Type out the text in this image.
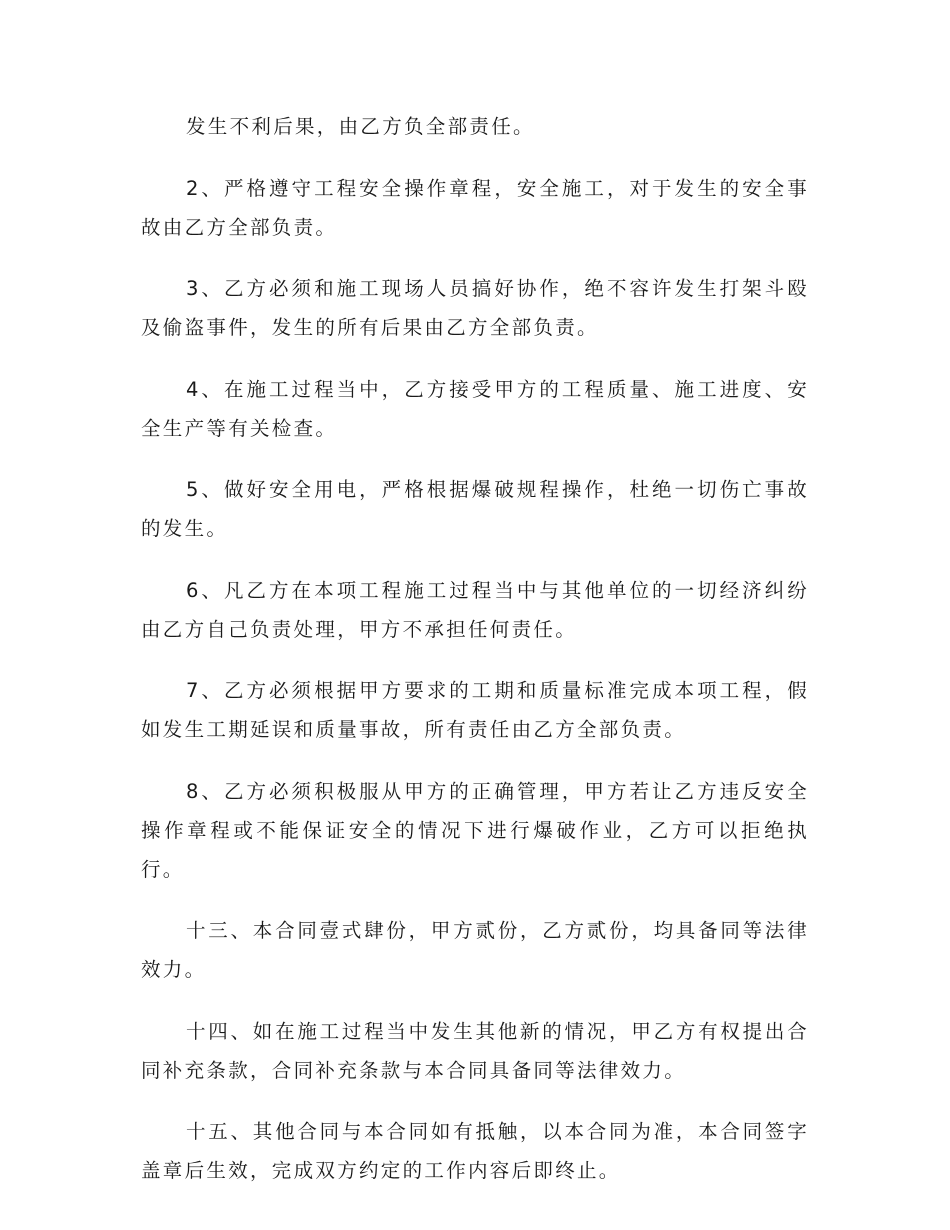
发生不利后果，由乙方负全部责任。

2、严格遵守工程安全操作章程，安全施工，对于发生的安全事故由乙方全部负责。

3、乙方必须和施工现场人员搞好协作，绝不容许发生打架斗殴及偷盗事件，发生的所有后果由乙方全部负责。

4、在施工过程当中，乙方接受甲方的工程质量、施工进度、安全生产等有关检查。

5、做好安全用电，严格根据爆破规程操作，杜绝一切伤亡事故的发生。

6、凡乙方在本项工程施工过程当中与其他单位的一切经济纠纷由乙方自己负责处理，甲方不承担任何责任。

7、乙方必须根据甲方要求的工期和质量标准完成本项工程，假如发生工期延误和质量事故，所有责任由乙方全部负责。

8、乙方必须积极服从甲方的正确管理，甲方若让乙方违反安全操作章程或不能保证安全的情况下进行爆破作业，乙方可以拒绝执行。

十三、本合同壹式肆份，甲方贰份，乙方贰份，均具备同等法律效力。

十四、如在施工过程当中发生其他新的情况，甲乙方有权提出合同补充条款，合同补充条款与本合同具备同等法律效力。

十五、其他合同与本合同如有抵触，以本合同为准，本合同签字盖章后生效，完成双方约定的工作内容后即终止。
